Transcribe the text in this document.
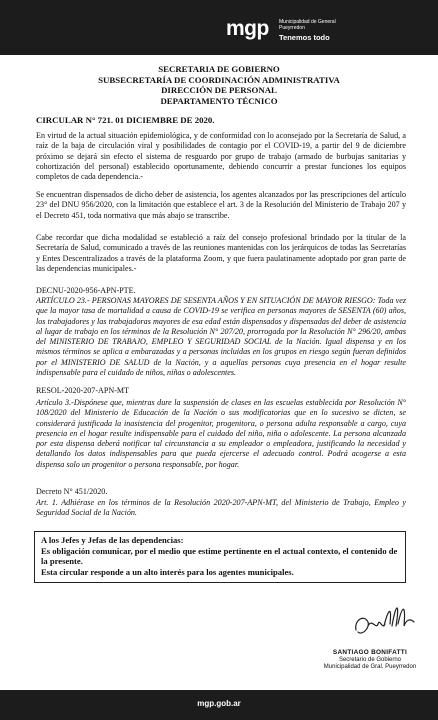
mgp Municipalidad de General Pueyrredon
Tenemos todo
SECRETARIA DE GOBIERNO
SUBSECRETARÍA DE COORDINACIÓN ADMINISTRATIVA
DIRECCIÓN DE PERSONAL
DEPARTAMENTO TÉCNICO
CIRCULAR N° 721. 01 DICIEMBRE DE 2020.
En virtud de la actual situación epidemiológica, y de conformidad con lo aconsejado por la Secretaría de Salud, a raíz de la baja de circulación viral y posibilidades de contagio por el COVID-19, a partir del 9 de diciembre próximo se dejará sin efecto el sistema de resguardo por grupo de trabajo (armado de burbujas sanitarias y cohortización del personal) establecido oportunamente, debiendo concurrir a prestar funciones los equipos completos de cada dependencia.-
Se encuentran dispensados de dicho deber de asistencia, los agentes alcanzados por las prescripciones del artículo 23° del DNU 956/2020, con la limitación que establece el art. 3 de la Resolución del Ministerio de Trabajo 207 y el Decreto 451, toda normativa que más abajo se transcribe.
Cabe recordar que dicha modalidad se estableció a raíz del consejo profesional brindado por la titular de la Secretaría de Salud, comunicado a través de las reuniones mantenidas con los jerárquicos de todas las Secretarías y Entes Descentralizados a través de la plataforma Zoom, y que fuera paulatinamente adoptado por gran parte de las dependencias municipales.-
DECNU-2020-956-APN-PTE.
ARTÍCULO 23.- PERSONAS MAYORES DE SESENTA AÑOS Y EN SITUACIÓN DE MAYOR RIESGO: Toda vez que la mayor tasa de mortalidad a causa de COVID-19 se verifica en personas mayores de SESENTA (60) años, los trabajadores y las trabajadoras mayores de esa edad están dispensados y dispensadas del deber de asistencia al lugar de trabajo en los términos de la Resolución N° 207/20, prorrogada por la Resolución N° 296/20, ambas del MINISTERIO DE TRABAJO, EMPLEO Y SEGURIDAD SOCIAL de la Nación. Igual dispensa y en los mismos términos se aplica a embarazadas y a personas incluidas en los grupos en riesgo según fueran definidos por el MINISTERIO DE SALUD de la Nación, y a aquellas personas cuya presencia en el hogar resulte indispensable para el cuidado de niños, niñas o adolescentes.
RESOL-2020-207-APN-MT
Artículo 3.-Dispónese que, mientras dure la suspensión de clases en las escuelas establecida por Resolución N° 108/2020 del Ministerio de Educación de la Nación o sus modificatorias que en lo sucesivo se dicten, se considerará justificada la inasistencia del progenitor, progenitora, o persona adulta responsable a cargo, cuya presencia en el hogar resulte indispensable para el cuidado del niño, niña o adolescente. La persona alcanzada por esta dispensa deberá notificar tal circunstancia a su empleador o empleadora, justificando la necesidad y detallando los datos indispensables para que pueda ejercerse el adecuado control. Podrá acogerse a esta dispensa solo un progenitor o persona responsable, por hogar.
Decreto N° 451/2020.
Art. 1. Adhiérase en los términos de la Resolución 2020-207-APN-MT, del Ministerio de Trabajo, Empleo y Seguridad Social de la Nación.
A los Jefes y Jefas de las dependencias:
Es obligación comunicar, por el medio que estime pertinente en el actual contexto, el contenido de la presente.
Esta circular responde a un alto interés para los agentes municipales.
SANTIAGO BONIFATTI
Secretario de Gobierno
Municipalidad de Gral. Pueyrredon
mgp.gob.ar
